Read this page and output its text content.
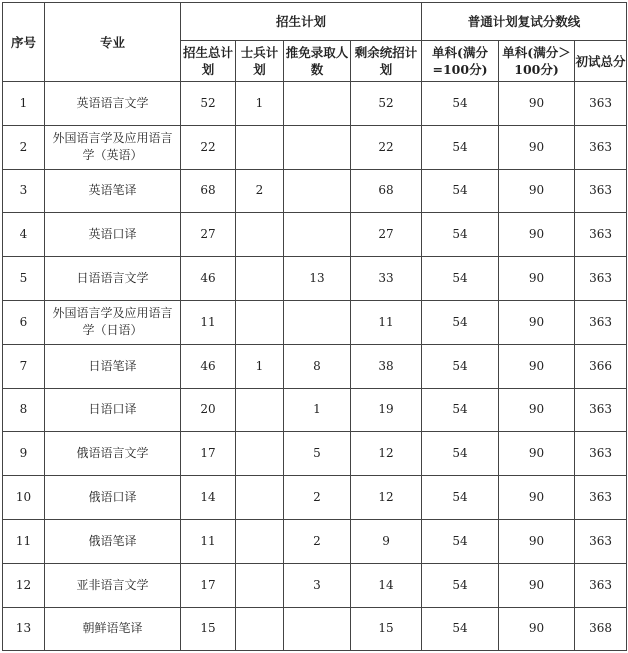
序号	专业	招生计划				普通计划复试分数线		
		招生总计划	士兵计划	推免录取人数	剩余统招计划	单科(满分=100分)	单科(满分＞100分)	初试总分
1	英语语言文学	52	1		52	54	90	363
2	外国语言学及应用语言学（英语）	22			22	54	90	363
3	英语笔译	68	2		68	54	90	363
4	英语口译	27			27	54	90	363
5	日语语言文学	46		13	33	54	90	363
6	外国语言学及应用语言学（日语）	11			11	54	90	363
7	日语笔译	46	1	8	38	54	90	366
8	日语口译	20		1	19	54	90	363
9	俄语语言文学	17		5	12	54	90	363
10	俄语口译	14		2	12	54	90	363
11	俄语笔译	11		2	9	54	90	363
12	亚非语言文学	17		3	14	54	90	363
13	朝鲜语笔译	15			15	54	90	368
